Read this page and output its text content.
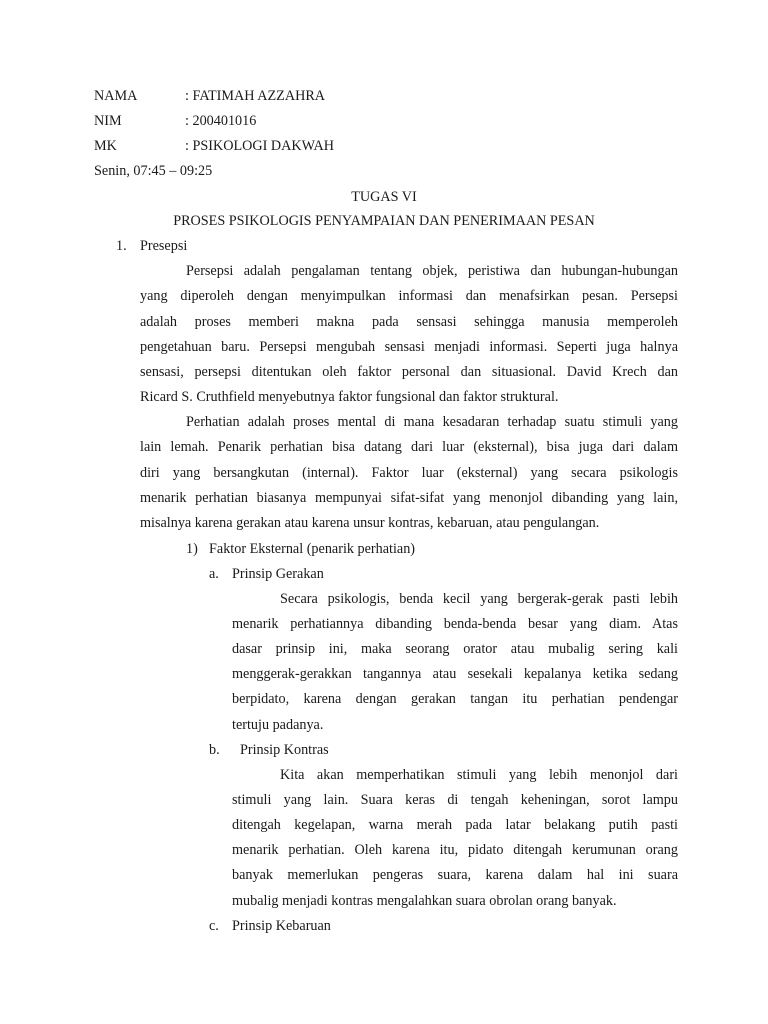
NAMA	: FATIMAH AZZAHRA
NIM	: 200401016
MK	: PSIKOLOGI DAKWAH
Senin, 07:45 – 09:25
TUGAS VI
PROSES PSIKOLOGIS PENYAMPAIAN DAN PENERIMAAN PESAN
1. Presepsi
Persepsi adalah pengalaman tentang objek, peristiwa dan hubungan-hubungan
yang diperoleh dengan menyimpulkan informasi dan menafsirkan pesan. Persepsi
adalah proses memberi makna pada sensasi sehingga manusia memperoleh
pengetahuan baru. Persepsi mengubah sensasi menjadi informasi. Seperti juga halnya
sensasi, persepsi ditentukan oleh faktor personal dan situasional. David Krech dan
Ricard S. Cruthfield menyebutnya faktor fungsional dan faktor struktural.
Perhatian adalah proses mental di mana kesadaran terhadap suatu stimuli yang
lain lemah. Penarik perhatian bisa datang dari luar (eksternal), bisa juga dari dalam
diri yang bersangkutan (internal). Faktor luar (eksternal) yang secara psikologis
menarik perhatian biasanya mempunyai sifat-sifat yang menonjol dibanding yang lain,
misalnya karena gerakan atau karena unsur kontras, kebaruan, atau pengulangan.
1) Faktor Eksternal (penarik perhatian)
a. Prinsip Gerakan
Secara psikologis, benda kecil yang bergerak-gerak pasti lebih
menarik perhatiannya dibanding benda-benda besar yang diam. Atas
dasar prinsip ini, maka seorang orator atau mubalig sering kali
menggerak-gerakkan tangannya atau sesekali kepalanya ketika sedang
berpidato, karena dengan gerakan tangan itu perhatian pendengar
tertuju padanya.
b. Prinsip Kontras
Kita akan memperhatikan stimuli yang lebih menonjol dari
stimuli yang lain. Suara keras di tengah keheningan, sorot lampu
ditengah kegelapan, warna merah pada latar belakang putih pasti
menarik perhatian. Oleh karena itu, pidato ditengah kerumunan orang
banyak memerlukan pengeras suara, karena dalam hal ini suara
mubalig menjadi kontras mengalahkan suara obrolan orang banyak.
c. Prinsip Kebaruan
